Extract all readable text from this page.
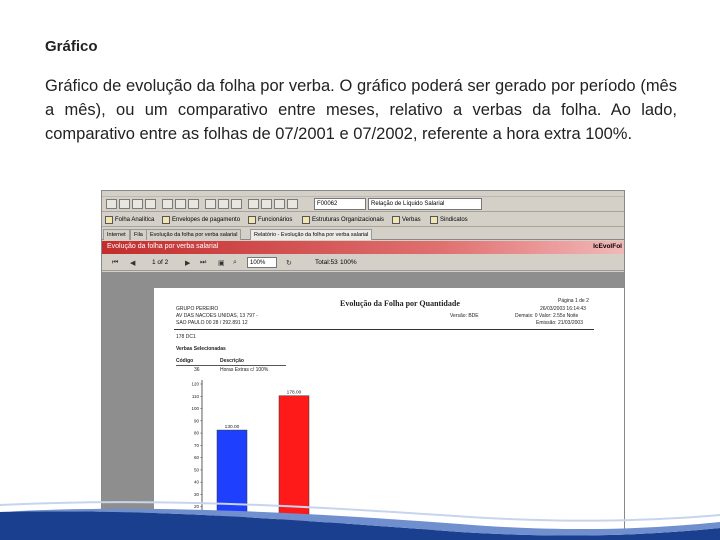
Gráfico
Gráfico de evolução da folha por verba. O gráfico poderá ser gerado por período (mês a mês), ou um comparativo entre meses, relativo a verbas da folha. Ao lado, comparativo entre as folhas de 07/2001 e 07/2002, referente a hora extra 100%.
F00062	Relação de Líquido Salarial
Folha Analítica	Envelopes de pagamento	Funcionários	Estruturas Organizacionais	Verbas	Sindicatos
Internet	Fila	Evolução da folha por verba salarial	Relatório - Evolução da folha por verba salarial
Evolução da folha por verba salarial	IcEvolFol
⏮ ◀	1 of 2 ▶ ⏭ ▣ ⌕	100%	↻	Total:53 100%
GRUPO PEREIRO
AV DAS NACOES UNIDAS, 13 797 -
SAO PAULO 00 28 / 292.891 12
Evolução da Folha por Quantidade	Página 1 de 2
26/03/2003 16:14:43
Demais: 0 Valor: 2.55s Noite
Emissão: 21/03/2003
Versão: BDE
178 DC1
Verbas Selecionadas
Código	Descrição
36	Horas Extras c/ 100%
120
110
100
90
80
70
60
50
40
30
20
130.00
178.00
